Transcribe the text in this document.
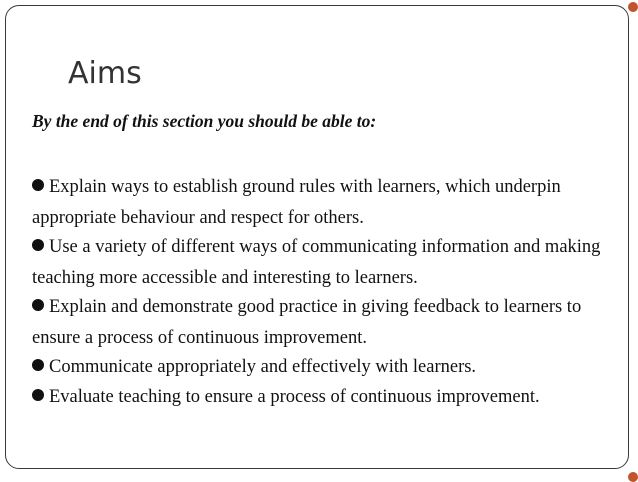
Aims

By the end of this section you should be able to:

Explain ways to establish ground rules with learners, which underpin appropriate behaviour and respect for others.
Use a variety of different ways of communicating information and making teaching more accessible and interesting to learners.
Explain and demonstrate good practice in giving feedback to learners to ensure a process of continuous improvement.
Communicate appropriately and effectively with learners.
Evaluate teaching to ensure a process of continuous improvement.
